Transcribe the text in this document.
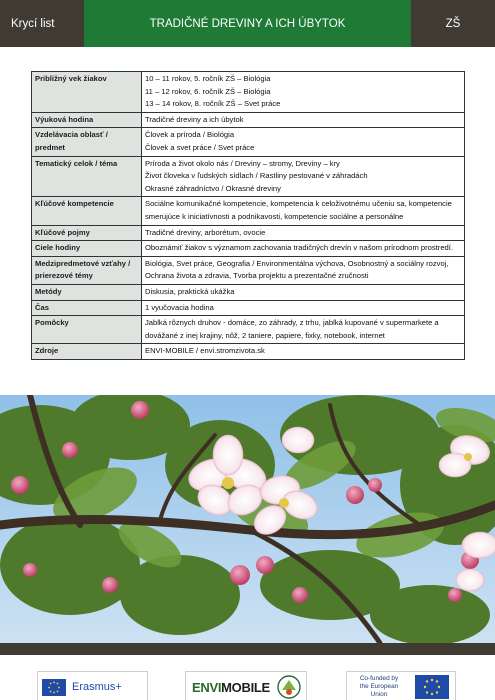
Krycí list	TRADIČNÉ DREVINY A ICH ÚBYTOK	ZŠ
Približný vek žiakov	10 – 11 rokov, 5. ročník ZŠ – Biológia
11 – 12 rokov, 6. ročník ZŠ – Biológia
13 – 14 rokov, 8. ročník ZŠ – Svet práce

Výuková hodina	Tradičné dreviny a ich úbytok

Vzdelávacia oblasť / predmet	Človek a príroda / Biológia
Človek a svet práce / Svet práce

Tematický celok / téma	Príroda a život okolo nás / Dreviny – stromy, Dreviny – kry
Život človeka v ľudských sídlach / Rastliny pestované v záhradách
Okrasné záhradníctvo / Okrasné dreviny

Kľúčové kompetencie	Sociálne komunikačné kompetencie, kompetencia k celoživotnému učeniu sa, kompetencie
smerujúce k iniciatívnosti a podnikavosti, kompetencie sociálne a personálne

Kľúčové pojmy	Tradičné dreviny, arborétum, ovocie

Ciele hodiny	Oboznámiť žiakov s významom zachovania tradičných drevín v našom prírodnom prostredí.

Medzipredmetové vzťahy / prierezové témy	Biológia, Svet práce, Geografia / Environmentálna výchova, Osobnostný a sociálny rozvoj,
Ochrana života a zdravia, Tvorba projektu a prezentačné zručnosti

Metódy	Diskusia, praktická ukážka

Čas	1 vyučovacia hodina

Pomôcky	Jablká rôznych druhov - domáce, zo záhrady, z trhu, jablká kupované v supermarkete a
dovážané z inej krajiny, nôž, 2 taniere, papiere, fixky, notebook, internet

Zdroje	ENVI-MOBILE / envi.stromzivota.sk
Erasmus+	ENVIMOBILE
Co-funded by
the European Union
